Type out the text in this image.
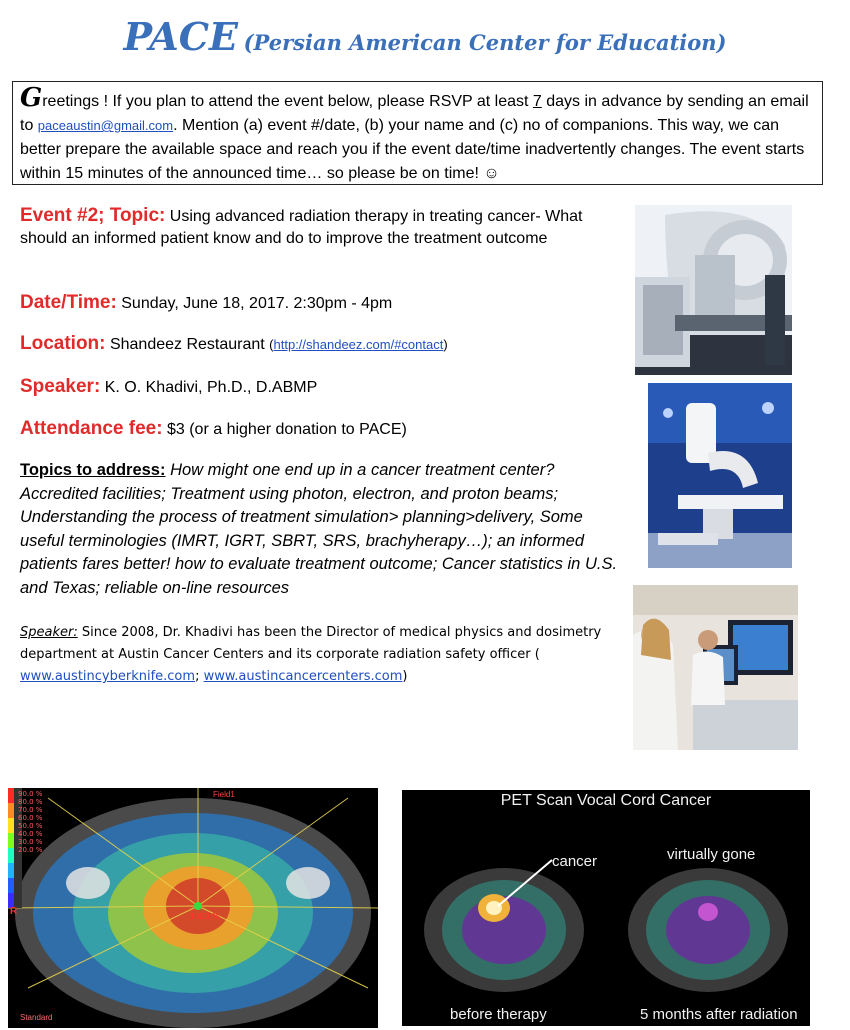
PACE (Persian American Center for Education)
Greetings ! If you plan to attend the event below, please RSVP at least 7 days in advance by sending an email to paceaustin@gmail.com. Mention (a) event #/date, (b) your name and (c) no of companions. This way, we can better prepare the available space and reach you if the event date/time inadvertently changes. The event starts within 15 minutes of the announced time… so please be on time! ☺
Event #2; Topic: Using advanced radiation therapy in treating cancer- What should an informed patient know and do to improve the treatment outcome
Date/Time: Sunday, June 18, 2017. 2:30pm - 4pm
Location: Shandeez Restaurant (http://shandeez.com/#contact)
Speaker: K. O. Khadivi, Ph.D., D.ABMP
Attendance fee: $3 (or a higher donation to PACE)
Topics to address: How might one end up in a cancer treatment center? Accredited facilities; Treatment using photon, electron, and proton beams; Understanding the process of treatment simulation> planning>delivery, Some useful terminologies (IMRT, IGRT, SBRT, SRS, brachyherapy…); an informed patients fares better! how to evaluate treatment outcome; Cancer statistics in U.S. and Texas; reliable on-line resources
Speaker: Since 2008, Dr. Khadivi has been the Director of medical physics and dosimetry department at Austin Cancer Centers and its corporate radiation safety officer ( www.austincyberknife.com; www.austincancercenters.com)
90.0 %
80.0 %
70.0 %
60.0 %
50.0 %
40.0 %
30.0 %
20.0 %
Field1
102.3 %
R
Standard
PET Scan Vocal Cord Cancer
cancer	virtually gone
before therapy	5 months after radiation
